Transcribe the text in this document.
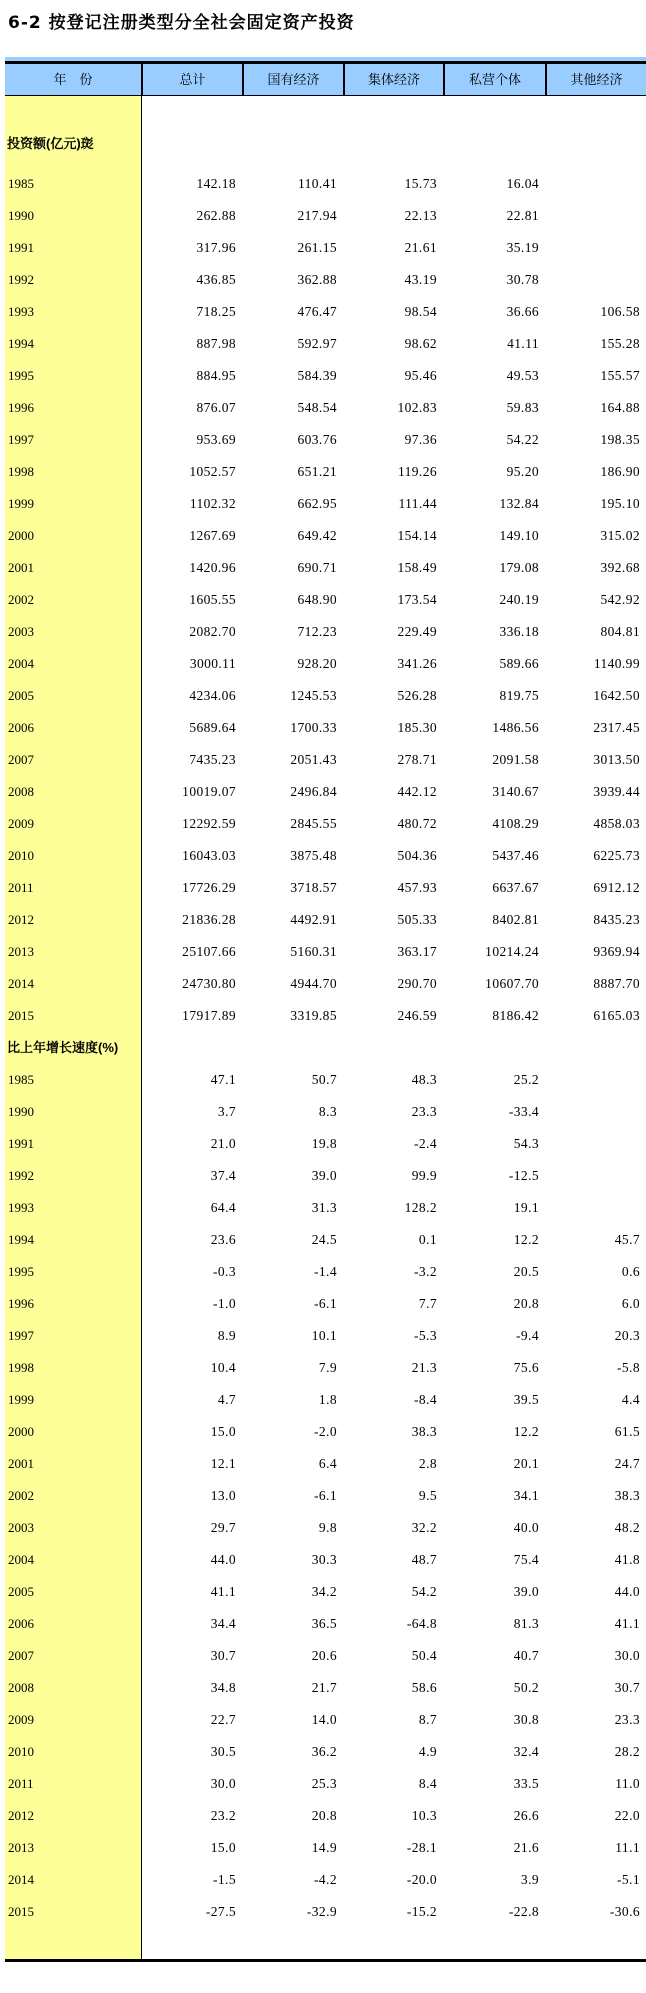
6-2 按登记注册类型分全社会固定资产投资
年　份	总计	国有经济	集体经济	私营个体	其他经济
投资额(亿元)珳
1985	142.18	110.41	15.73	16.04
1990	262.88	217.94	22.13	22.81
1991	317.96	261.15	21.61	35.19
1992	436.85	362.88	43.19	30.78
1993	718.25	476.47	98.54	36.66	106.58
1994	887.98	592.97	98.62	41.11	155.28
1995	884.95	584.39	95.46	49.53	155.57
1996	876.07	548.54	102.83	59.83	164.88
1997	953.69	603.76	97.36	54.22	198.35
1998	1052.57	651.21	119.26	95.20	186.90
1999	1102.32	662.95	111.44	132.84	195.10
2000	1267.69	649.42	154.14	149.10	315.02
2001	1420.96	690.71	158.49	179.08	392.68
2002	1605.55	648.90	173.54	240.19	542.92
2003	2082.70	712.23	229.49	336.18	804.81
2004	3000.11	928.20	341.26	589.66	1140.99
2005	4234.06	1245.53	526.28	819.75	1642.50
2006	5689.64	1700.33	185.30	1486.56	2317.45
2007	7435.23	2051.43	278.71	2091.58	3013.50
2008	10019.07	2496.84	442.12	3140.67	3939.44
2009	12292.59	2845.55	480.72	4108.29	4858.03
2010	16043.03	3875.48	504.36	5437.46	6225.73
2011	17726.29	3718.57	457.93	6637.67	6912.12
2012	21836.28	4492.91	505.33	8402.81	8435.23
2013	25107.66	5160.31	363.17	10214.24	9369.94
2014	24730.80	4944.70	290.70	10607.70	8887.70
2015	17917.89	3319.85	246.59	8186.42	6165.03
比上年增长速度(%)
1985	47.1	50.7	48.3	25.2
1990	3.7	8.3	23.3	-33.4
1991	21.0	19.8	-2.4	54.3
1992	37.4	39.0	99.9	-12.5
1993	64.4	31.3	128.2	19.1
1994	23.6	24.5	0.1	12.2	45.7
1995	-0.3	-1.4	-3.2	20.5	0.6
1996	-1.0	-6.1	7.7	20.8	6.0
1997	8.9	10.1	-5.3	-9.4	20.3
1998	10.4	7.9	21.3	75.6	-5.8
1999	4.7	1.8	-8.4	39.5	4.4
2000	15.0	-2.0	38.3	12.2	61.5
2001	12.1	6.4	2.8	20.1	24.7
2002	13.0	-6.1	9.5	34.1	38.3
2003	29.7	9.8	32.2	40.0	48.2
2004	44.0	30.3	48.7	75.4	41.8
2005	41.1	34.2	54.2	39.0	44.0
2006	34.4	36.5	-64.8	81.3	41.1
2007	30.7	20.6	50.4	40.7	30.0
2008	34.8	21.7	58.6	50.2	30.7
2009	22.7	14.0	8.7	30.8	23.3
2010	30.5	36.2	4.9	32.4	28.2
2011	30.0	25.3	8.4	33.5	11.0
2012	23.2	20.8	10.3	26.6	22.0
2013	15.0	14.9	-28.1	21.6	11.1
2014	-1.5	-4.2	-20.0	3.9	-5.1
2015	-27.5	-32.9	-15.2	-22.8	-30.6
